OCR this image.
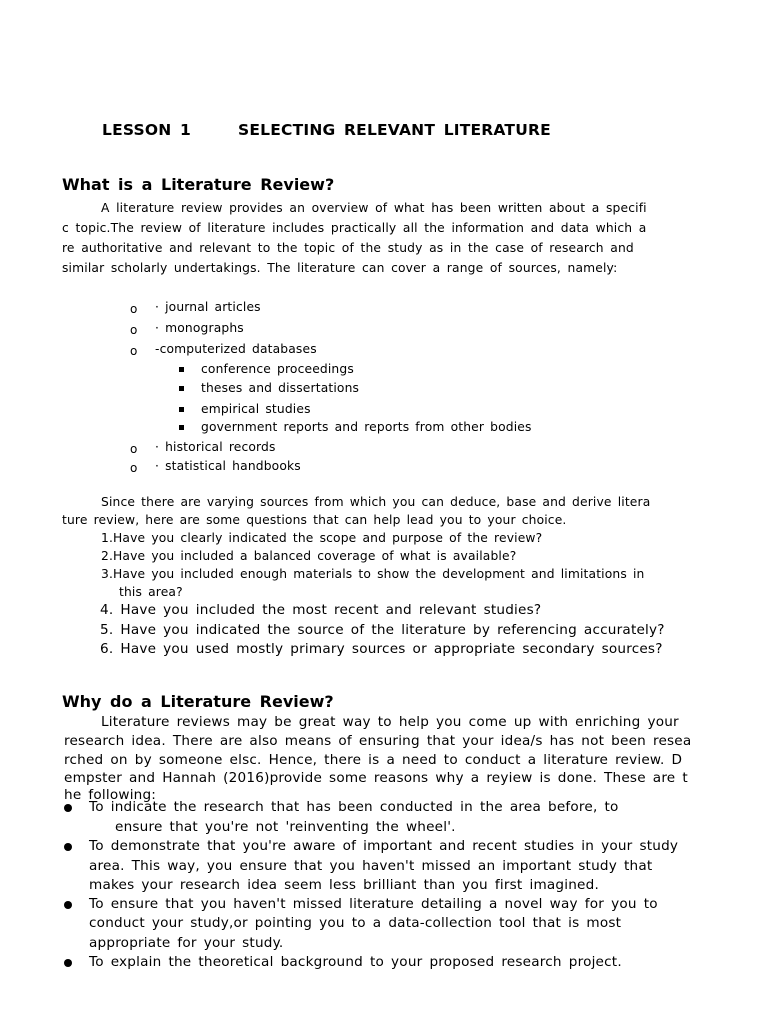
LESSON 1	SELECTING RELEVANT LITERATURE
What is a Literature Review?
A literature review provides an overview of what has been written about a specifi
c topic.The review of literature includes practically all the information and data which a
re authoritative and relevant to the topic of the study as in the case of research and
similar scholarly undertakings. The literature can cover a range of sources, namely:
o · journal articles
o · monographs
o -computerized databases
conference proceedings
theses and dissertations
empirical studies
government reports and reports from other bodies
o · historical records
o · statistical handbooks
Since there are varying sources from which you can deduce, base and derive litera
ture review, here are some questions that can help lead you to your choice.
1.Have you clearly indicated the scope and purpose of the review?
2.Have you included a balanced coverage of what is available?
3.Have you included enough materials to show the development and limitations in
this area?
4. Have you included the most recent and relevant studies?
5. Have you indicated the source of the literature by referencing accurately?
6. Have you used mostly primary sources or appropriate secondary sources?
Why do a Literature Review?
Literature reviews may be great way to help you come up with enriching your
research idea. There are also means of ensuring that your idea/s has not been resea
rched on by someone elsc. Hence, there is a need to conduct a literature review. D
empster and Hannah (2016)provide some reasons why a reyiew is done. These are t
he following:
To indicate the research that has been conducted in the area before, to
ensure that you're not 'reinventing the wheel'.
To demonstrate that you're aware of important and recent studies in your study
area. This way, you ensure that you haven't missed an important study that
makes your research idea seem less brilliant than you first imagined.
To ensure that you haven't missed literature detailing a novel way for you to
conduct your study,or pointing you to a data-collection tool that is most
appropriate for your study.
To explain the theoretical background to your proposed research project.
